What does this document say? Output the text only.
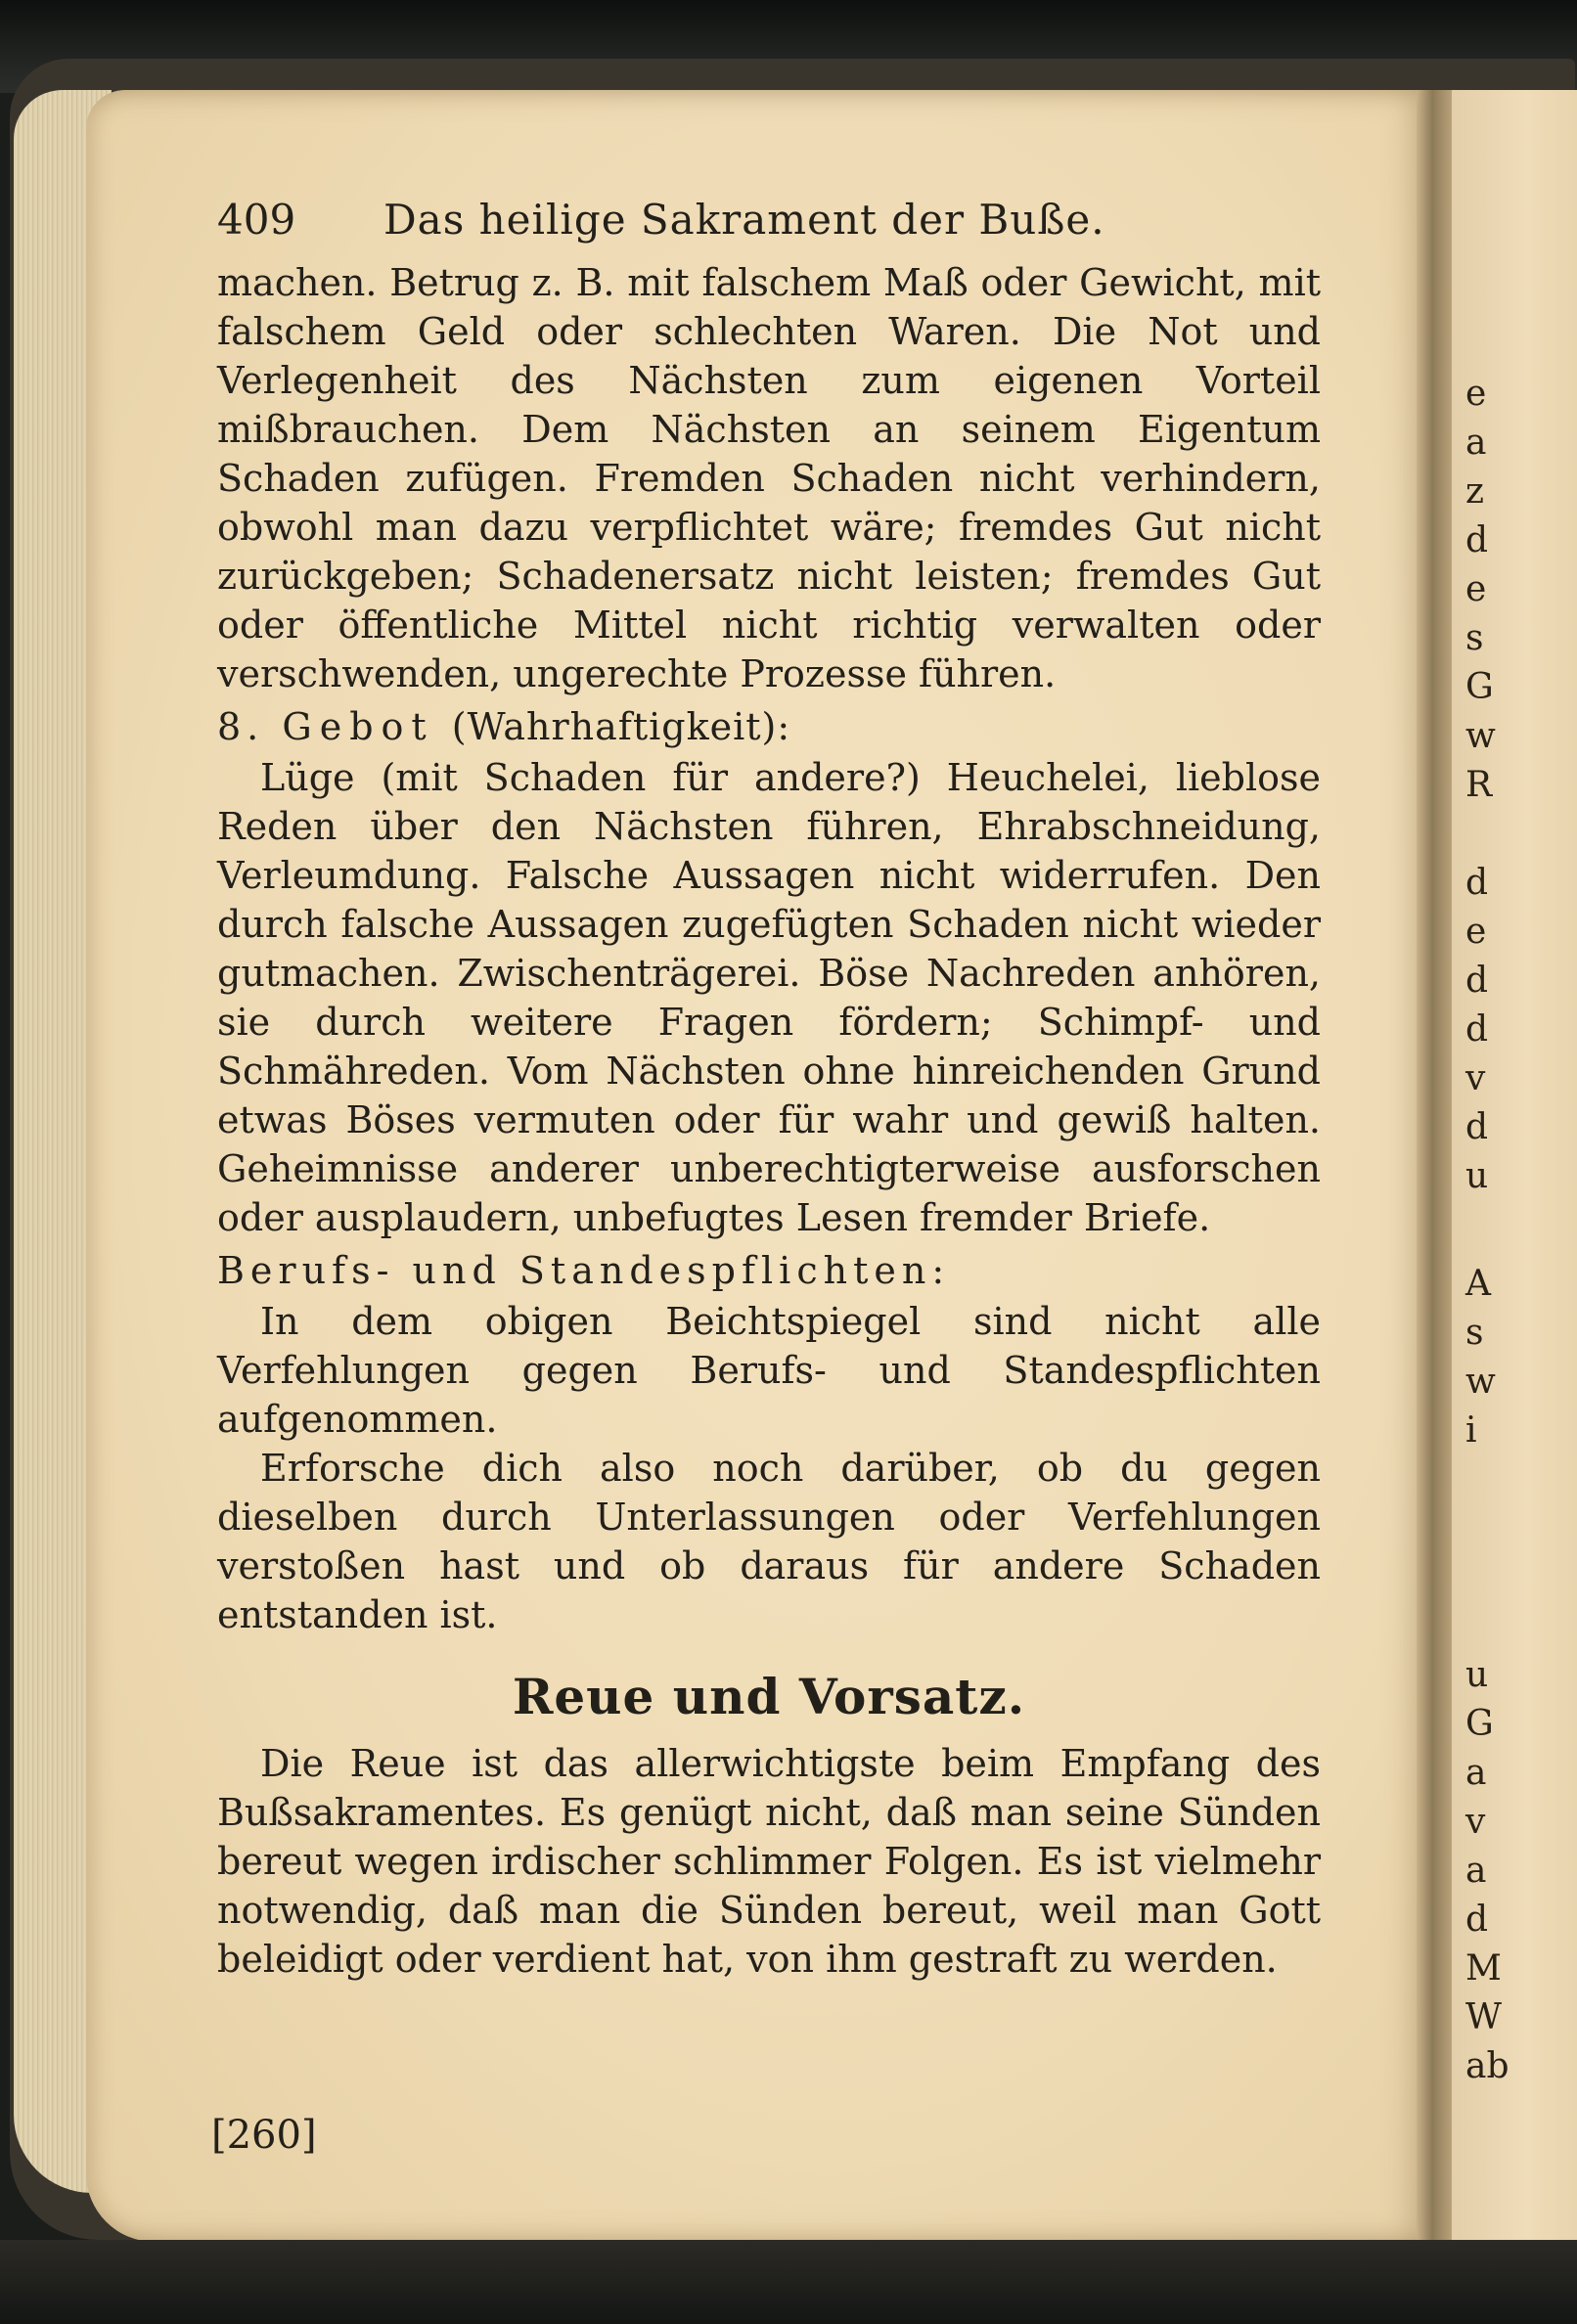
e
a
z
d
e
s
G
w
R
d
e
d
d
v
d
u
A
s
w
i
u
G
a
v
a
d
M
W
ab
409	Das heilige Sakrament der Buße.

machen. Betrug z. B. mit falschem Maß oder Gewicht, mit falschem Geld oder schlechten Waren. Die Not und Verlegenheit des Nächsten zum eigenen Vorteil mißbrauchen. Dem Nächsten an seinem Eigentum Schaden zufügen. Fremden Schaden nicht verhindern, obwohl man dazu verpflichtet wäre; fremdes Gut nicht zurückgeben; Schadenersatz nicht leisten; fremdes Gut oder öffentliche Mittel nicht richtig verwalten oder verschwenden, ungerechte Prozesse führen.

8. Gebot (Wahrhaftigkeit):

Lüge (mit Schaden für andere?) Heuchelei, lieblose Reden über den Nächsten führen, Ehrabschneidung, Verleumdung. Falsche Aussagen nicht widerrufen. Den durch falsche Aussagen zugefügten Schaden nicht wieder gutmachen. Zwischenträgerei. Böse Nachreden anhören, sie durch weitere Fragen fördern; Schimpf- und Schmähreden. Vom Nächsten ohne hinreichenden Grund etwas Böses vermuten oder für wahr und gewiß halten. Geheimnisse anderer unberechtigterweise ausforschen oder ausplaudern, unbefugtes Lesen fremder Briefe.

Berufs- und Standespflichten:

In dem obigen Beichtspiegel sind nicht alle Verfehlungen gegen Berufs- und Standespflichten aufgenommen.

Erforsche dich also noch darüber, ob du gegen dieselben durch Unterlassungen oder Verfehlungen verstoßen hast und ob daraus für andere Schaden entstanden ist.

Reue und Vorsatz.

Die Reue ist das allerwichtigste beim Empfang des Bußsakramentes. Es genügt nicht, daß man seine Sünden bereut wegen irdischer schlimmer Folgen. Es ist vielmehr notwendig, daß man die Sünden bereut, weil man Gott beleidigt oder verdient hat, von ihm gestraft zu werden.

[260]
